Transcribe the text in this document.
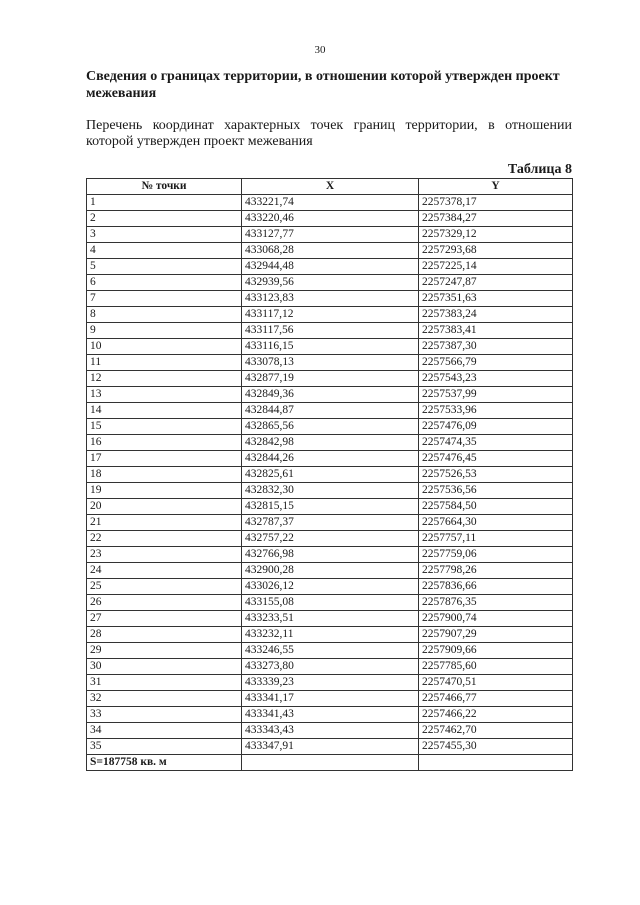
30
Сведения о границах территории, в отношении которой утвержден проект межевания

Перечень координат характерных точек границ территории, в отношении которой утвержден проект межевания

Таблица 8
№ точки	X	Y
1	433221,74	2257378,17
2	433220,46	2257384,27
3	433127,77	2257329,12
4	433068,28	2257293,68
5	432944,48	2257225,14
6	432939,56	2257247,87
7	433123,83	2257351,63
8	433117,12	2257383,24
9	433117,56	2257383,41
10	433116,15	2257387,30
11	433078,13	2257566,79
12	432877,19	2257543,23
13	432849,36	2257537,99
14	432844,87	2257533,96
15	432865,56	2257476,09
16	432842,98	2257474,35
17	432844,26	2257476,45
18	432825,61	2257526,53
19	432832,30	2257536,56
20	432815,15	2257584,50
21	432787,37	2257664,30
22	432757,22	2257757,11
23	432766,98	2257759,06
24	432900,28	2257798,26
25	433026,12	2257836,66
26	433155,08	2257876,35
27	433233,51	2257900,74
28	433232,11	2257907,29
29	433246,55	2257909,66
30	433273,80	2257785,60
31	433339,23	2257470,51
32	433341,17	2257466,77
33	433341,43	2257466,22
34	433343,43	2257462,70
35	433347,91	2257455,30
S=187758 кв. м		
